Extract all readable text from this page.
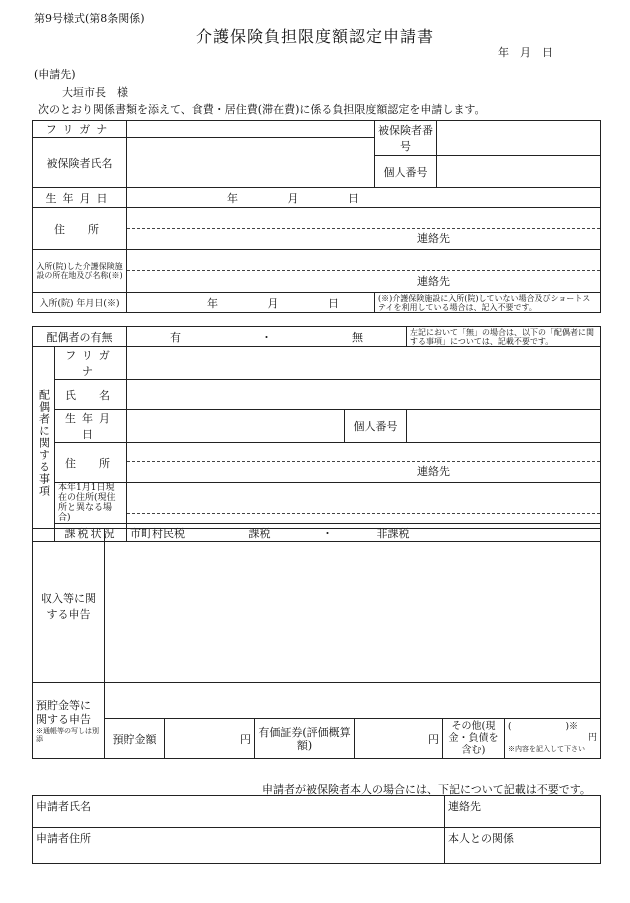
第9号様式(第8条関係)
介護保険負担限度額認定申請書
年　月　日
(申請先)
大垣市長　様
次のとおり関係書類を添えて、食費・居住費(滞在費)に係る負担限度額認定を申請します。
フリガナ		被保険者番号	

被保険者氏名			

		個人番号	

生年月日	年 月 日		
住　所	連絡先		

入所(院)した介護保険施設の所在地及び名称(※)	連絡先		

入所(院) 年月日(※)	年 月 日	(※)介護保険施設に入所(院)していない場合及びショートステイを利用している場合は、記入不要です。	
配偶者の有無		有 ・ 無		左記において「無」の場合は、以下の「配偶者に関する事項」については、記載不要です。
配偶者に関する事項	フリガナ			
	氏　名			
	生年月日		個人番号	

	住　所	連絡先		

	本年1月1日現在の住所(現住所と異なる場合)			

	課税状況	市町村民税 課税 ・ 非課税		
収入等に関する申告						

預貯金等に関する申告
※通帳等の写しは別　　添						

	預貯金額	円	有価証券(評価概算額)	円	その他(現金・負債を含む)	(　　　　　　)※
円
※内容を記入して下さい
申請者が被保険者本人の場合には、下記について記載は不要です。
申請者氏名	連絡先
申請者住所	本人との関係
